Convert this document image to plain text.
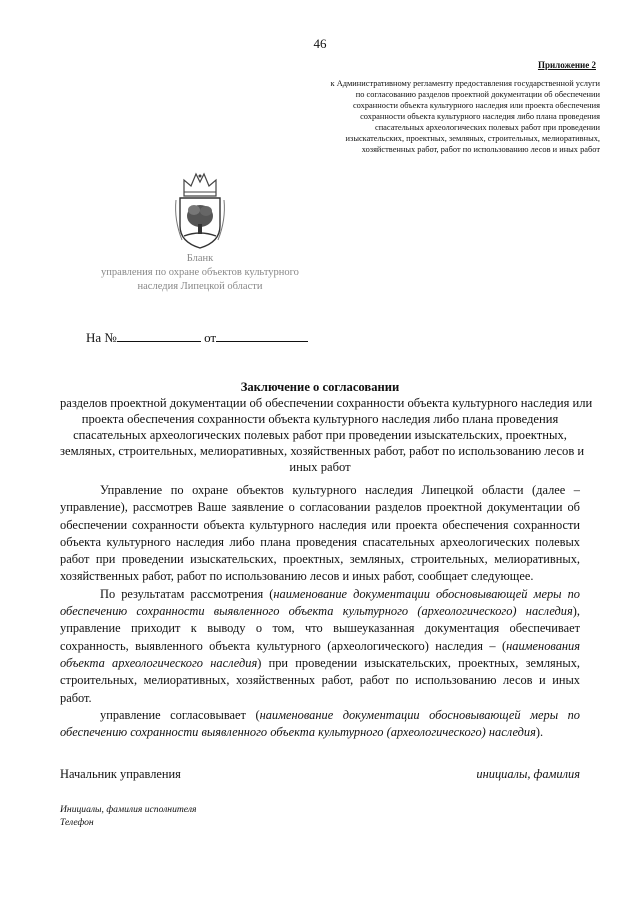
46
Приложение 2
к Административному регламенту предоставления государственной услуги
по согласованию разделов проектной документации об обеспечении
сохранности объекта культурного наследия или проекта обеспечения
сохранности объекта культурного наследия либо плана проведения
спасательных археологических полевых работ при проведении
изыскательских, проектных, земляных, строительных, мелиоративных,
хозяйственных работ, работ по использованию лесов и иных работ
Бланк
управления по охране объектов культурного
наследия Липецкой области
На №	от
Заключение о согласовании
разделов проектной документации об обеспечении сохранности объекта культурного наследия или
проекта обеспечения сохранности объекта культурного наследия либо плана проведения
спасательных археологических полевых работ при проведении изыскательских, проектных,
земляных, строительных, мелиоративных, хозяйственных работ, работ по использованию лесов и
иных работ

Управление по охране объектов культурного наследия Липецкой области (далее – управление), рассмотрев Ваше заявление о согласовании разделов проектной документации об обеспечении сохранности объекта культурного наследия или проекта обеспечения сохранности объекта культурного наследия либо плана проведения спасательных археологических полевых работ при проведении изыскательских, проектных, земляных, строительных, мелиоративных, хозяйственных работ, работ по использованию лесов и иных работ, сообщает следующее.

По результатам рассмотрения (наименование документации обосновывающей меры по обеспечению сохранности выявленного объекта культурного (археологического) наследия), управление приходит к выводу о том, что вышеуказанная документация обеспечивает сохранность, выявленного объекта культурного (археологического) наследия – (наименования объекта археологического наследия) при проведении изыскательских, проектных, земляных, строительных, мелиоративных, хозяйственных работ, работ по использованию лесов и иных работ.

управление согласовывает (наименование документации обосновывающей меры по обеспечению сохранности выявленного объекта культурного (археологического) наследия).

Начальник управления	инициалы, фамилия
Инициалы, фамилия исполнителя
Телефон
